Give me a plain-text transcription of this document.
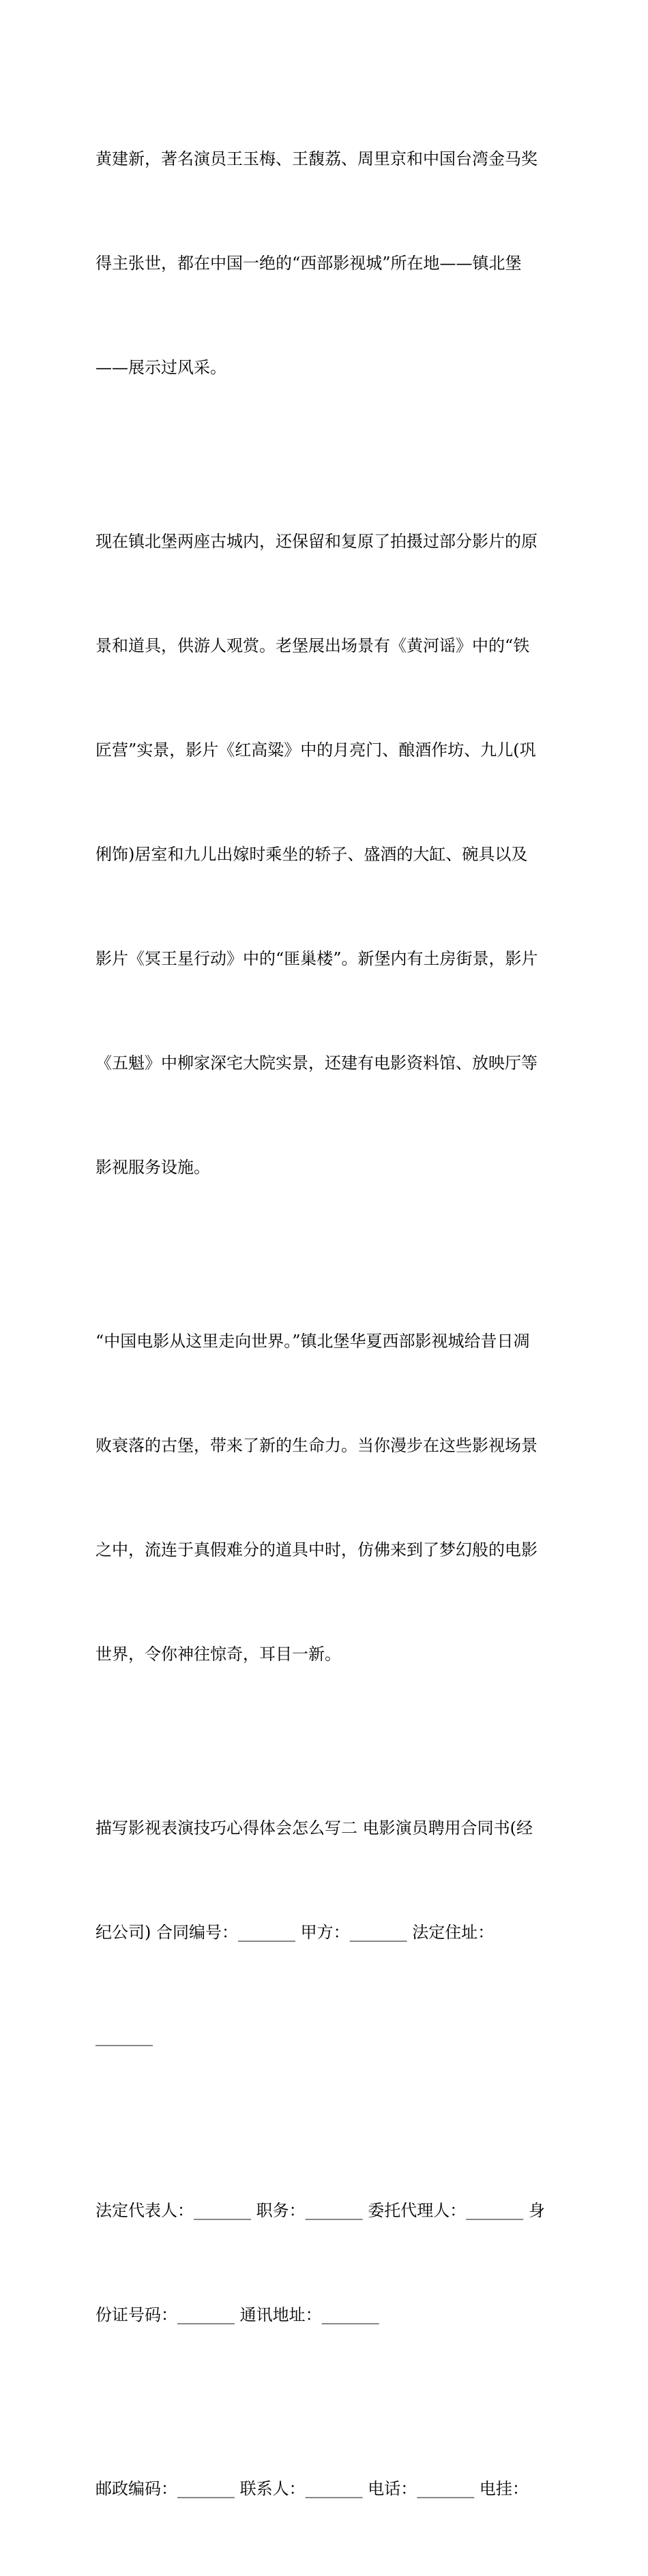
黄建新，著名演员王玉梅、王馥荔、周里京和中国台湾金马奖

得主张世，都在中国一绝的“西部影视城”所在地——镇北堡

——展示过风采。

现在镇北堡两座古城内，还保留和复原了拍摄过部分影片的原

景和道具，供游人观赏。老堡展出场景有《黄河谣》中的“铁

匠营”实景，影片《红高粱》中的月亮门、酿酒作坊、九儿(巩

俐饰)居室和九儿出嫁时乘坐的轿子、盛酒的大缸、碗具以及

影片《冥王星行动》中的“匪巢楼”。新堡内有土房街景，影片

《五魁》中柳家深宅大院实景，还建有电影资料馆、放映厅等

影视服务设施。

“中国电影从这里走向世界。”镇北堡华夏西部影视城给昔日凋

败衰落的古堡，带来了新的生命力。当你漫步在这些影视场景

之中，流连于真假难分的道具中时，仿佛来到了梦幻般的电影

世界，令你神往惊奇，耳目一新。

描写影视表演技巧心得体会怎么写二 电影演员聘用合同书(经

纪公司) 合同编号：_______ 甲方：_______ 法定住址：

_______

法定代表人：_______ 职务：_______ 委托代理人：_______ 身

份证号码：_______ 通讯地址：_______

邮政编码：_______ 联系人：_______ 电话：_______ 电挂：
